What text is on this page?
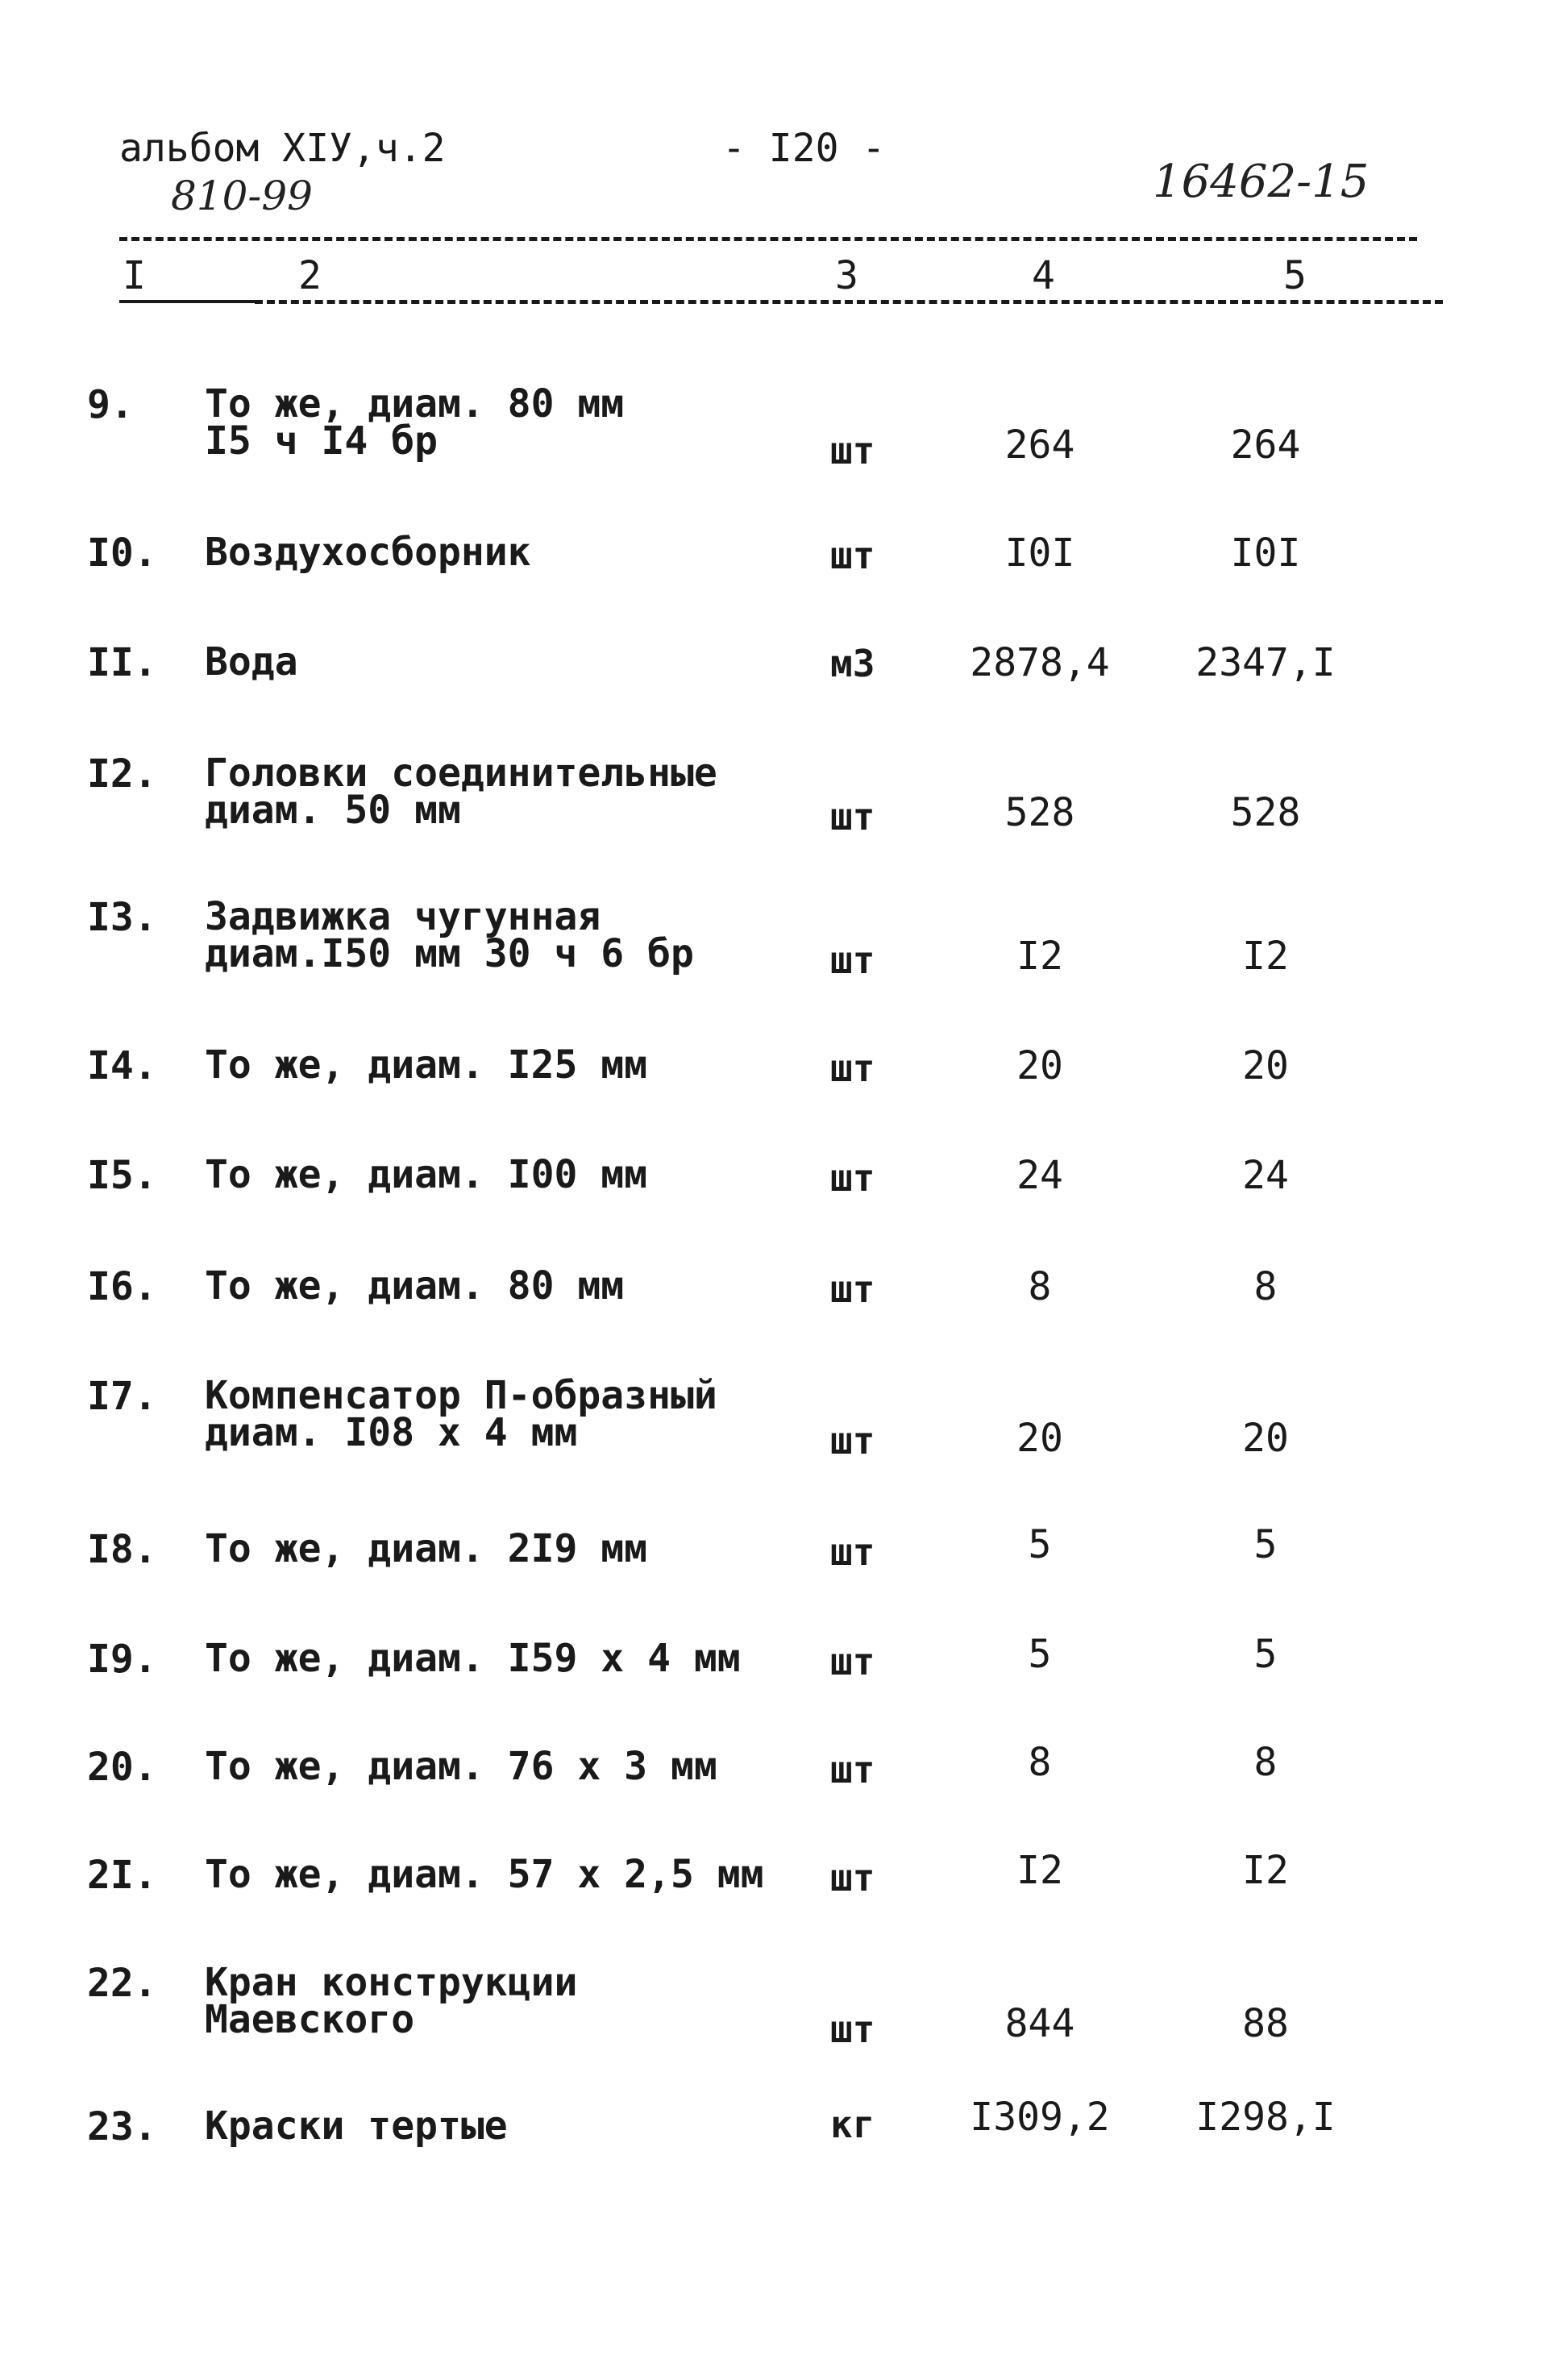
альбом XIУ,ч.2
810-99
- I20 -
16462-15
I	2	3	4	5
9. То же, диам. 80 мм
I5 ч I4 бр	шт	264	264
I0. Воздухосборник	шт	I0I	I0I
II. Вода	м3	2878,4	2347,I
I2. Головки соединительные
диам. 50 мм	шт	528	528
I3. Задвижка чугунная
диам.I50 мм 30 ч 6 бр	шт	I2	I2
I4. То же, диам. I25 мм	шт	20	20
I5. То же, диам. I00 мм	шт	24	24
I6. То же, диам. 80 мм	шт	8	8
I7. Компенсатор П-образный
диам. I08 х 4 мм	шт	20	20
I8. То же, диам. 2I9 мм	шт	5	5
I9. То же, диам. I59 х 4 мм шт	5	5
20. То же, диам. 76 х 3 мм	шт	8	8
2I. То же, диам. 57 х 2,5 мм шт	I2	I2
22. Кран конструкции
Маевского	шт	844	88
23. Краски тертые	кг	I309,2	I298,I
